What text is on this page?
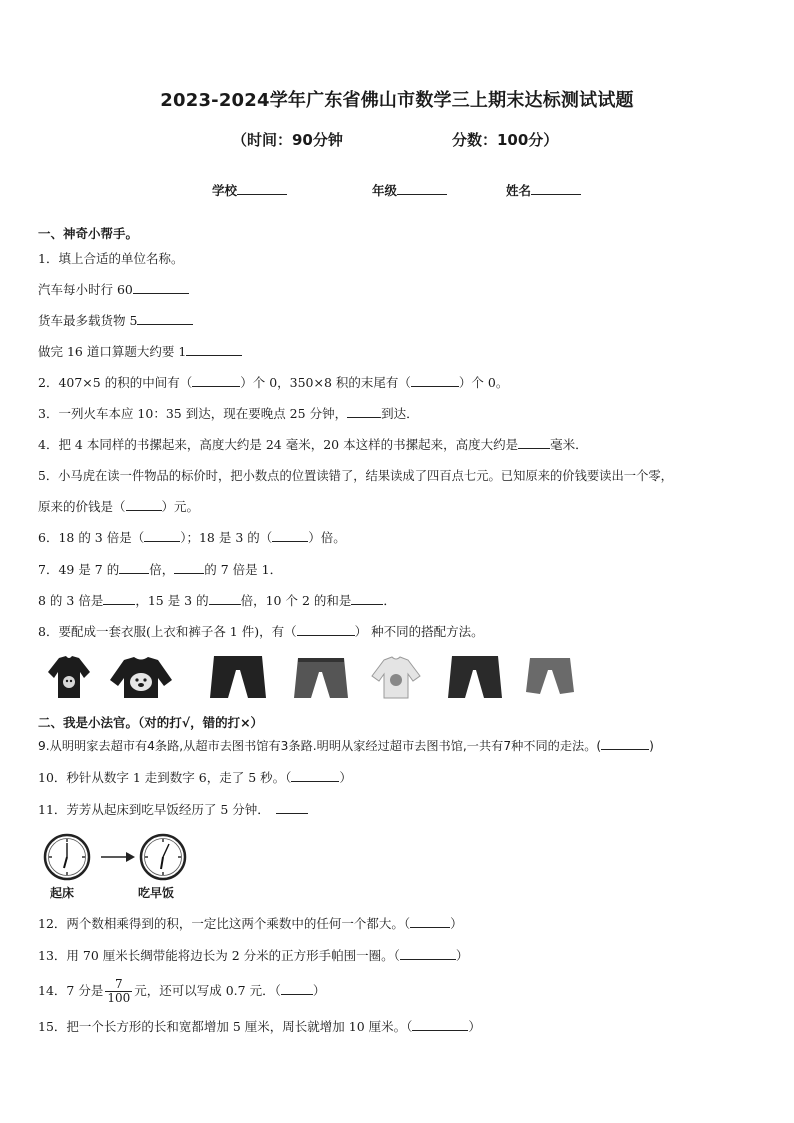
2023-2024学年广东省佛山市数学三上期末达标测试试题
（时间：90分钟	分数：100分）
学校	年级	姓名
一、神奇小帮手。
1．填上合适的单位名称。
汽车每小时行 60
货车最多载货物 5
做完 16 道口算题大约要 1
2．407×5 的积的中间有（	）个 0，350×8 积的末尾有（	）个 0。
3．一列火车本应 10：35 到达，现在要晚点 25 分钟，	到达．
4．把 4 本同样的书摞起来，高度大约是 24 毫米，20 本这样的书摞起来，高度大约是	毫米．
5．小马虎在读一件物品的标价时，把小数点的位置读错了，结果读成了四百点七元。已知原来的价钱要读出一个零，
原来的价钱是（	）元。
6．18 的 3 倍是（	）；18 是 3 的（	）倍。
7．49 是 7 的 倍， 的 7 倍是 1．
8 的 3 倍是	，15 是 3 的	倍，10 个 2 的和是	．
8．要配成一套衣服(上衣和裤子各 1 件)，有（	） 种不同的搭配方法。
二、我是小法官。（对的打√，错的打×）
9.从明明家去超市有4条路,从超市去图书馆有3条路.明明从家经过超市去图书馆,一共有7种不同的走法。(	)
10．秒针从数字 1 走到数字 6，走了 5 秒。（	）
11．芳芳从起床到吃早饭经历了 5 分钟．
起床	吃早饭
12．两个数相乘得到的积，一定比这两个乘数中的任何一个都大。（	）
13．用 70 厘米长绸带能将边长为 2 分米的正方形手帕围一圈。（	）
14．7 分是 $\frac{7}{100}$ 元，还可以写成 0.7 元．（	）
15．把一个长方形的长和宽都增加 5 厘米，周长就增加 10 厘米。（	）
